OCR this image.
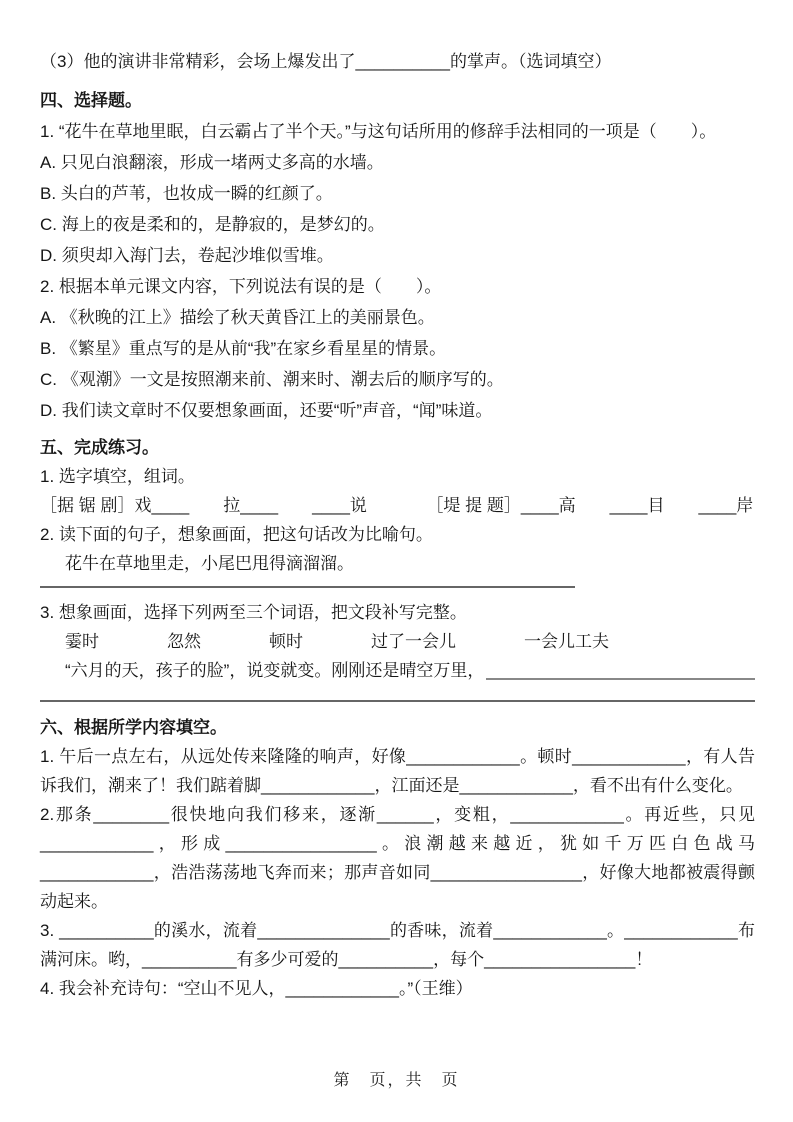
（3）他的演讲非常精彩，会场上爆发出了__________的掌声。（选词填空）

四、选择题。

1. “花牛在草地里眠，白云霸占了半个天。”与这句话所用的修辞手法相同的一项是（　　）。

A. 只见白浪翻滚，形成一堵两丈多高的水墙。

B. 头白的芦苇，也妆成一瞬的红颜了。

C. 海上的夜是柔和的，是静寂的，是梦幻的。

D. 须臾却入海门去，卷起沙堆似雪堆。

2. 根据本单元课文内容，下列说法有误的是（　　）。

A. 《秋晚的江上》描绘了秋天黄昏江上的美丽景色。

B. 《繁星》重点写的是从前“我”在家乡看星星的情景。

C. 《观潮》一文是按照潮来前、潮来时、潮去后的顺序写的。

D. 我们读文章时不仅要想象画面，还要“听”声音，“闻”味道。

五、完成练习。

1. 选字填空，组词。

［据 锯 剧］戏____　　拉____　　____说　　　　［堤 提 题］____高　　____目　　____岸

2. 读下面的句子，想象画面，把这句话改为比喻句。

花牛在草地里走，小尾巴甩得滴溜溜。

3. 想象画面，选择下列两至三个词语，把文段补写完整。

霎时	忽然	顿时	过了一会儿	一会儿工夫
“六月的天，孩子的脸”，说变就变。刚刚还是晴空万里，

六、根据所学内容填空。

1. 午后一点左右，从远处传来隆隆的响声，好像____________。顿时____________，有人告诉我们，潮来了！我们踮着脚____________，江面还是____________，看不出有什么变化。

2.那条________很快地向我们移来，逐渐______，变粗，____________。再近些，只见____________，形成________________。浪潮越来越近，犹如千万匹白色战马____________，浩浩荡荡地飞奔而来；那声音如同________________，好像大地都被震得颤动起来。

3. __________的溪水，流着______________的香味，流着____________。____________布满河床。哟，__________有多少可爱的__________，每个________________！

4. 我会补充诗句：“空山不见人，____________。”（王维）

第　页，共　页
